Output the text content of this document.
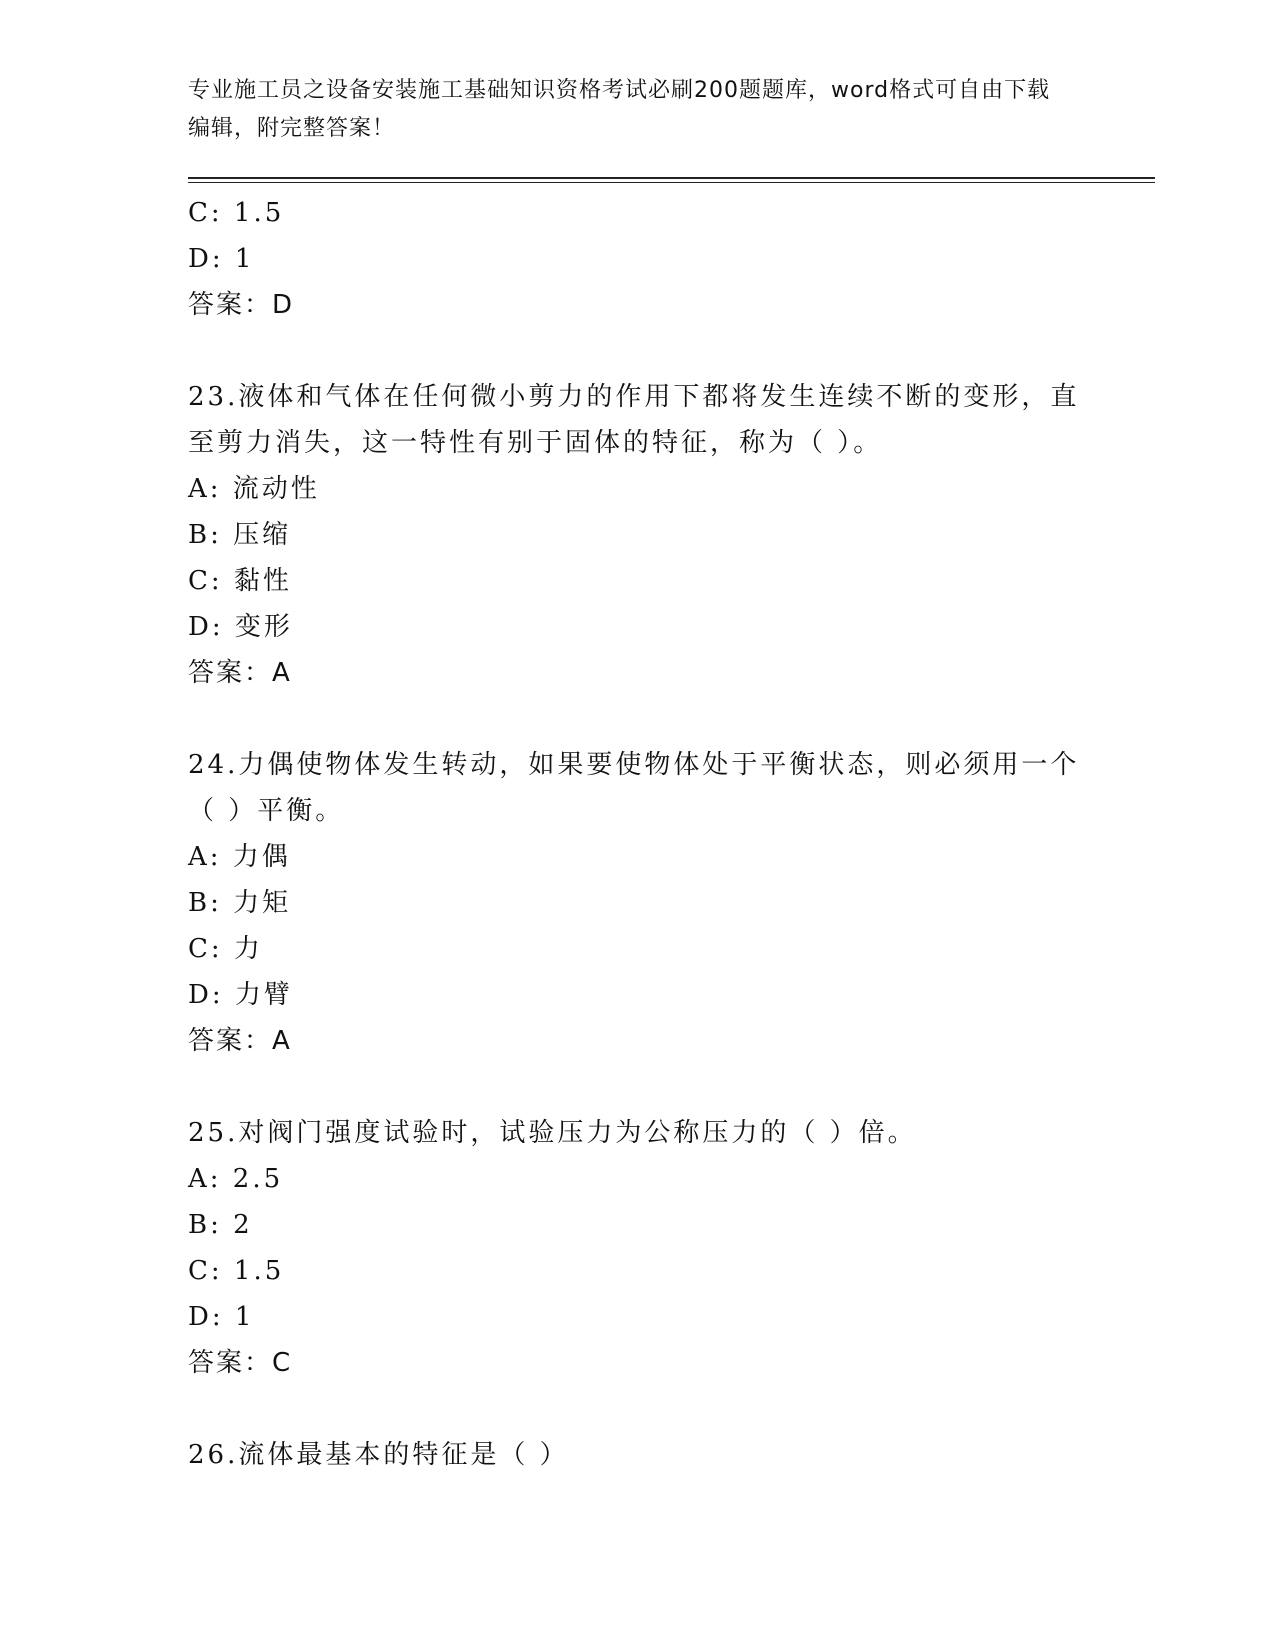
专业施工员之设备安装施工基础知识资格考试必刷200题题库，word格式可自由下载编辑，附完整答案！
C: 1.5
D: 1
答案：D
23.液体和气体在任何微小剪力的作用下都将发生连续不断的变形，直
至剪力消失，这一特性有别于固体的特征，称为（ ）。
A: 流动性
B: 压缩
C: 黏性
D: 变形
答案：A
24.力偶使物体发生转动，如果要使物体处于平衡状态，则必须用一个
（ ）平衡。
A: 力偶
B: 力矩
C: 力
D: 力臂
答案：A
25.对阀门强度试验时，试验压力为公称压力的（ ）倍。
A: 2.5
B: 2
C: 1.5
D: 1
答案：C
26.流体最基本的特征是（ ）
